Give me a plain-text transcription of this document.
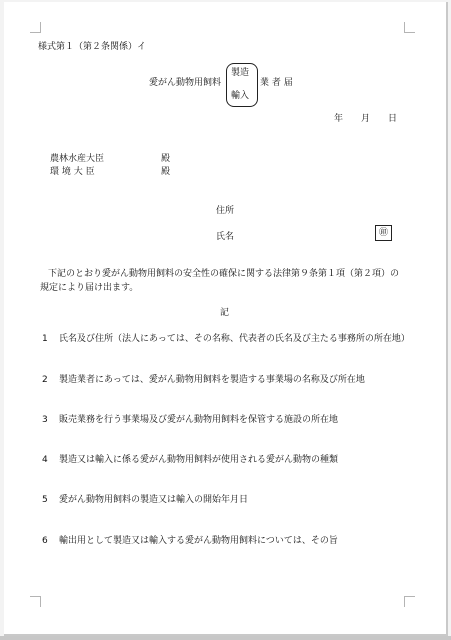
様式第１（第２条関係）イ
愛がん動物用飼料
製造
輸入
業 者 届
年　　月　　日
農林水産大臣	殿
環 境 大 臣	殿
住所
氏名	㊞
下記のとおり愛がん動物用飼料の安全性の確保に関する法律第９条第１項（第２項）の
規定により届け出ます。
記
1 氏名及び住所（法人にあっては、その名称、代表者の氏名及び主たる事務所の所在地）
2 製造業者にあっては、愛がん動物用飼料を製造する事業場の名称及び所在地
3 販売業務を行う事業場及び愛がん動物用飼料を保管する施設の所在地
4 製造又は輸入に係る愛がん動物用飼料が使用される愛がん動物の種類
5 愛がん動物用飼料の製造又は輸入の開始年月日
6 輸出用として製造又は輸入する愛がん動物用飼料については、その旨
